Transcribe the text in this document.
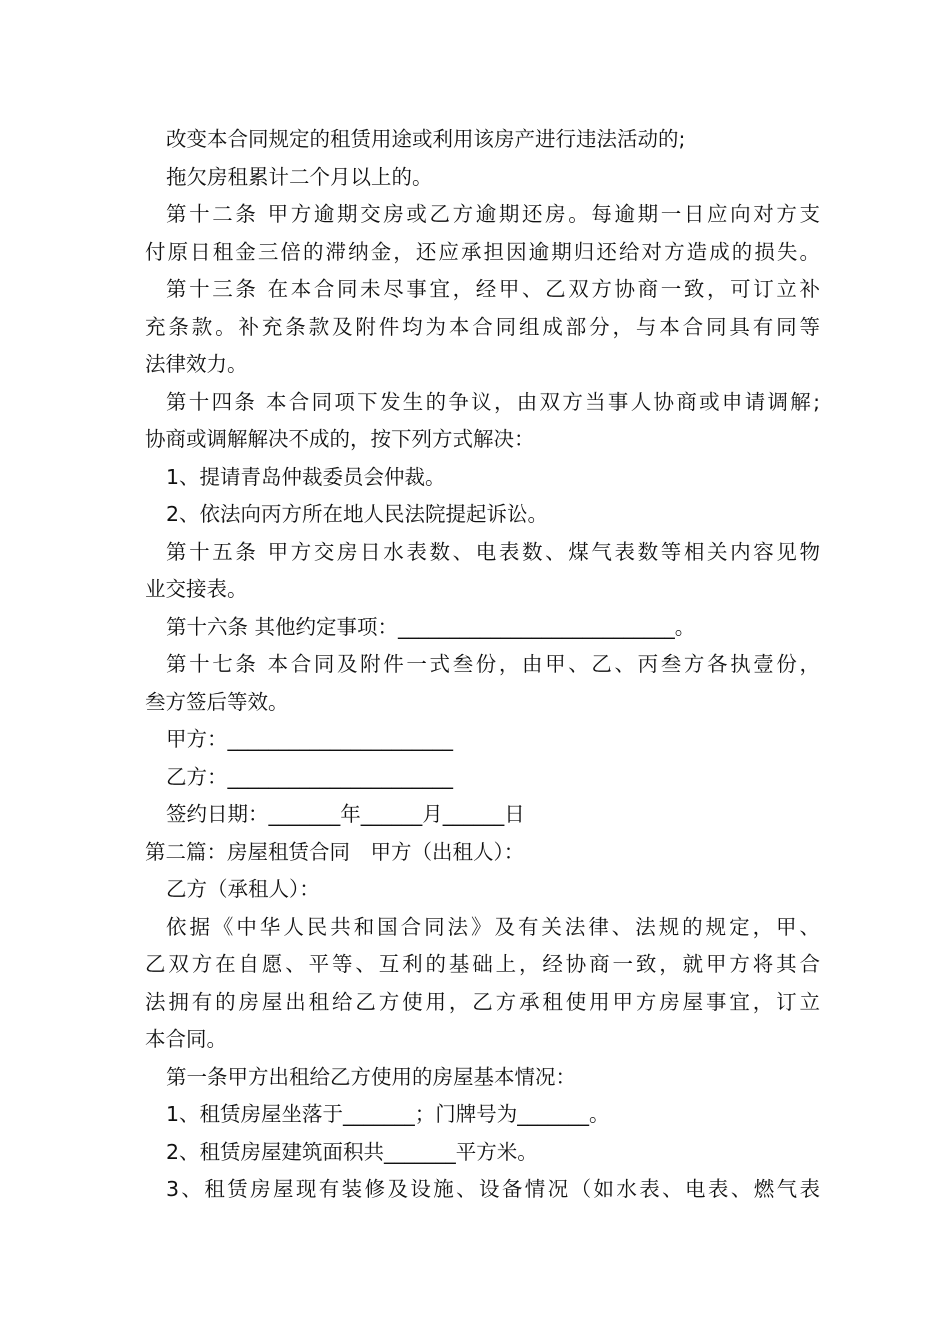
改变本合同规定的租赁用途或利用该房产进行违法活动的;
拖欠房租累计二个月以上的。
第十二条 甲方逾期交房或乙方逾期还房。每逾期一日应向对方支
付原日租金三倍的滞纳金，还应承担因逾期归还给对方造成的损失。
第十三条 在本合同未尽事宜，经甲、乙双方协商一致，可订立补
充条款。补充条款及附件均为本合同组成部分，与本合同具有同等
法律效力。
第十四条 本合同项下发生的争议，由双方当事人协商或申请调解;
协商或调解解决不成的，按下列方式解决：
1、提请青岛仲裁委员会仲裁。
2、依法向丙方所在地人民法院提起诉讼。
第十五条 甲方交房日水表数、电表数、煤气表数等相关内容见物
业交接表。
第十六条 其他约定事项：___________________________。
第十七条 本合同及附件一式叁份，由甲、乙、丙叁方各执壹份，
叁方签后等效。
甲方：______________________
乙方：______________________
签约日期：_______年______月______日
第二篇：房屋租赁合同　甲方（出租人）：
乙方（承租人）：
依据《中华人民共和国合同法》及有关法律、法规的规定，甲、
乙双方在自愿、平等、互利的基础上，经协商一致，就甲方将其合
法拥有的房屋出租给乙方使用，乙方承租使用甲方房屋事宜，订立
本合同。
第一条甲方出租给乙方使用的房屋基本情况：
1、租赁房屋坐落于_______；门牌号为_______。
2、租赁房屋建筑面积共_______平方米。
3、租赁房屋现有装修及设施、设备情况（如水表、电表、燃气表
